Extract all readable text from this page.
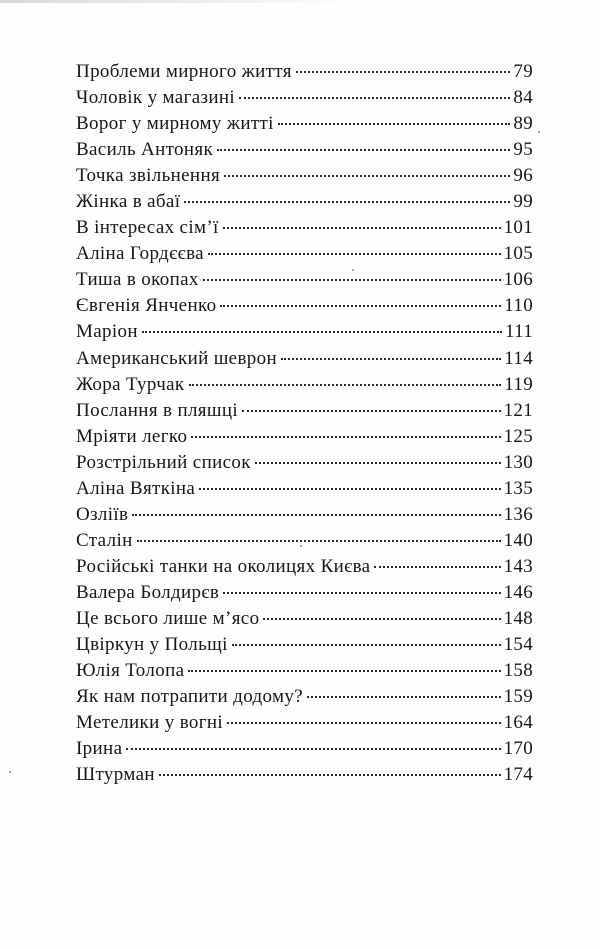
Проблеми мирного життя	79
Чоловік у магазині	84
Ворог у мирному житті	89
Василь Антоняк	95
Точка звільнення	96
Жінка в абаї	99
В інтересах сім’ї	101
Аліна Гордєєва	105
Тиша в окопах	106
Євгенія Янченко	110
Маріон	111
Американський шеврон	114
Жора Турчак	119
Послання в пляшці	121
Мріяти легко	125
Розстрільний список	130
Аліна Вяткіна	135
Озліїв	136
Сталін	140
Російські танки на околицях Києва	143
Валера Болдирєв	146
Це всього лише м’ясо	148
Цвіркун у Польщі	154
Юлія Толопа	158
Як нам потрапити додому?	159
Метелики у вогні	164
Ірина	170
Штурман	174
